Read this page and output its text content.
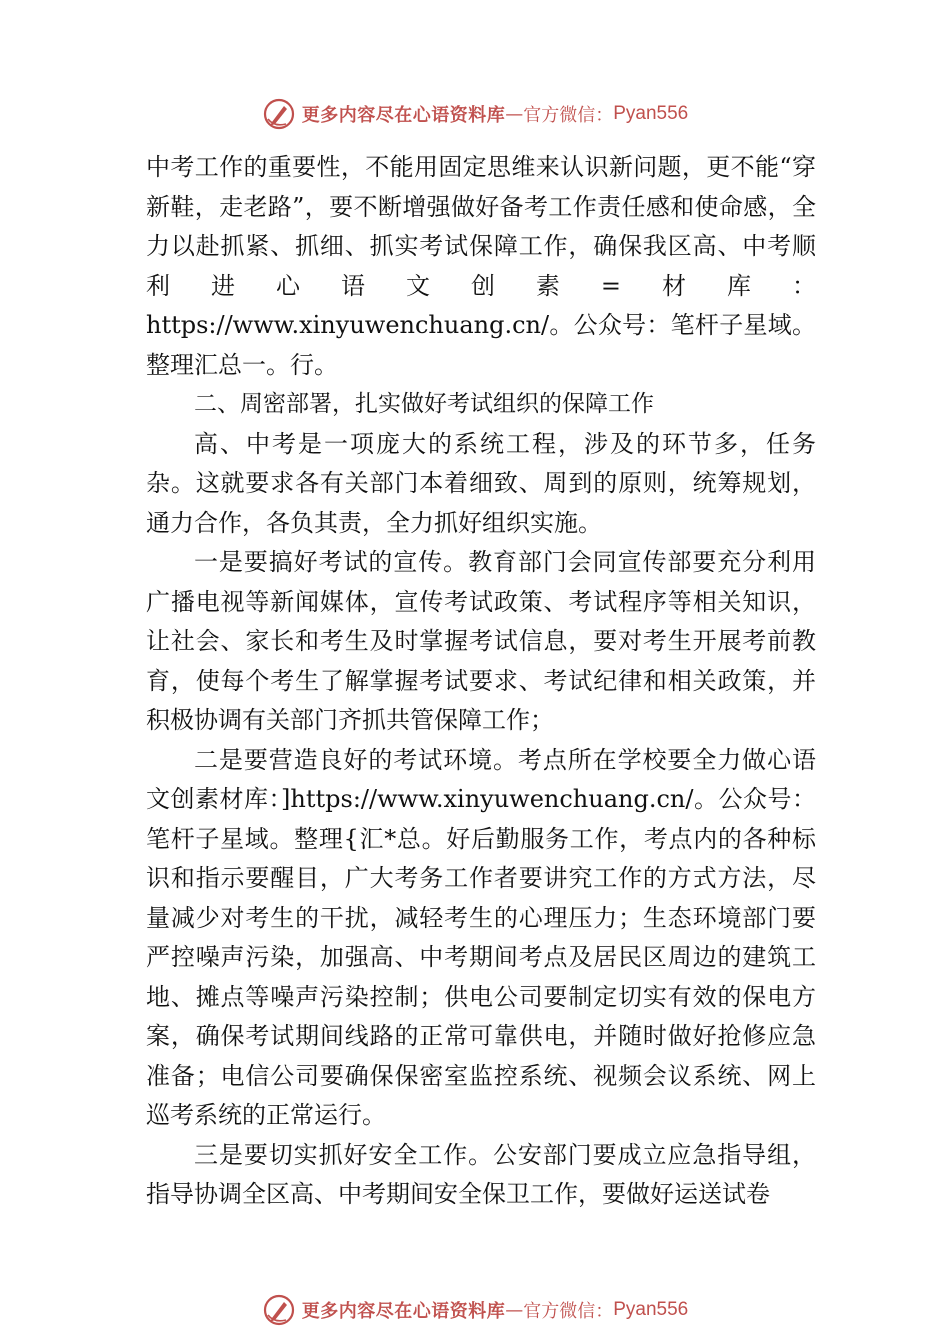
更多内容尽在心语资料库 — 官方微信： Pyan556

中考工作的重要性，不能用固定思维来认识新问题，更不能“穿新鞋，走老路”，要不断增强做好备考工作责任感和使命感，全力以赴抓紧、抓细、抓实考试保障工作，确保我区高、中考顺利进心语文创素=材库：https://www.xinyuwenchuang.cn/。公众号：笔杆子星域。整理汇总一。行。

二、周密部署，扎实做好考试组织的保障工作

高、中考是一项庞大的系统工程，涉及的环节多，任务杂。这就要求各有关部门本着细致、周到的原则，统筹规划，通力合作，各负其责，全力抓好组织实施。

一是要搞好考试的宣传。教育部门会同宣传部要充分利用广播电视等新闻媒体，宣传考试政策、考试程序等相关知识，让社会、家长和考生及时掌握考试信息，要对考生开展考前教育，使每个考生了解掌握考试要求、考试纪律和相关政策，并积极协调有关部门齐抓共管保障工作；

二是要营造良好的考试环境。考点所在学校要全力做心语文创素材库：]https://www.xinyuwenchuang.cn/。公众号：笔杆子星域。整理{汇*总。好后勤服务工作，考点内的各种标识和指示要醒目，广大考务工作者要讲究工作的方式方法，尽量减少对考生的干扰，减轻考生的心理压力；生态环境部门要严控噪声污染，加强高、中考期间考点及居民区周边的建筑工地、摊点等噪声污染控制；供电公司要制定切实有效的保电方案，确保考试期间线路的正常可靠供电，并随时做好抢修应急准备；电信公司要确保保密室监控系统、视频会议系统、网上巡考系统的正常运行。

三是要切实抓好安全工作。公安部门要成立应急指导组，指导协调全区高、中考期间安全保卫工作，要做好运送试卷

更多内容尽在心语资料库 — 官方微信： Pyan556
